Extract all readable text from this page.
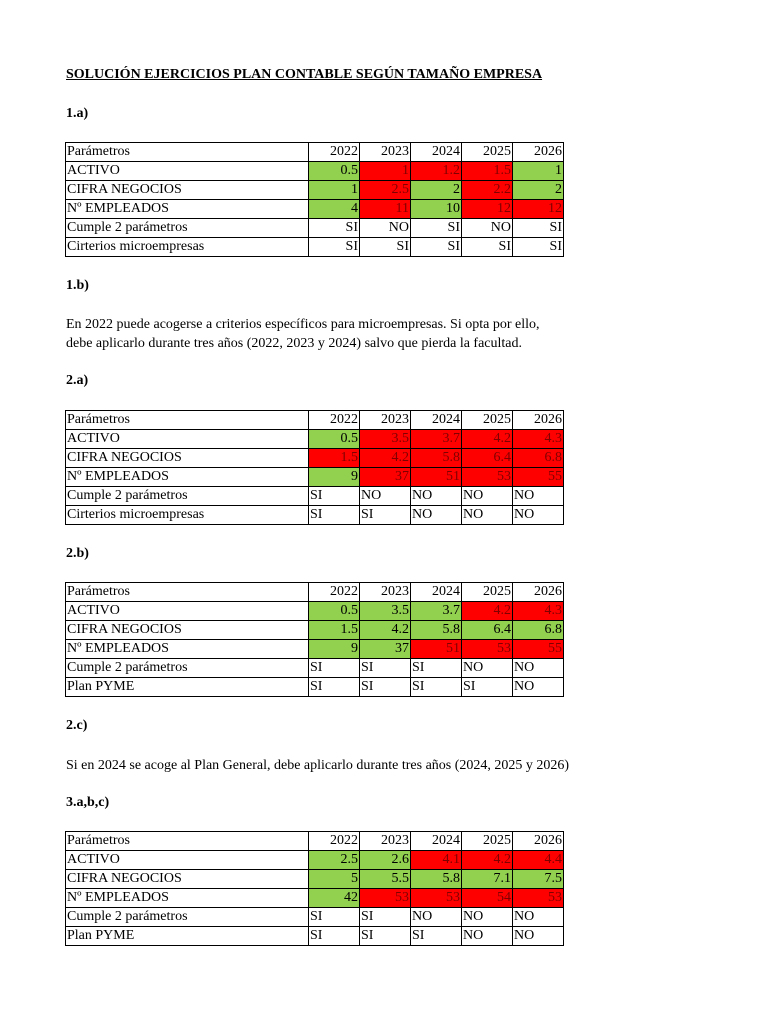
SOLUCIÓN EJERCICIOS PLAN CONTABLE SEGÚN TAMAÑO EMPRESA
1.a)
Parámetros	2022	2023	2024	2025	2026
ACTIVO	0.5	1	1.2	1.5	1
CIFRA NEGOCIOS	1	2.5	2	2.2	2
Nº EMPLEADOS	4	11	10	12	12
Cumple 2 parámetros	SI	NO	SI	NO	SI
Cirterios microempresas	SI	SI	SI	SI	SI
1.b)
En 2022 puede acogerse a criterios específicos para microempresas. Si opta por ello,
debe aplicarlo durante tres años (2022, 2023 y 2024) salvo que pierda la facultad.
2.a)
Parámetros	2022	2023	2024	2025	2026
ACTIVO	0.5	3.5	3.7	4.2	4.3
CIFRA NEGOCIOS	1.5	4.2	5.8	6.4	6.8
Nº EMPLEADOS	9	37	51	53	55
Cumple 2 parámetros	SI	NO	NO	NO	NO
Cirterios microempresas	SI	SI	NO	NO	NO
2.b)
Parámetros	2022	2023	2024	2025	2026
ACTIVO	0.5	3.5	3.7	4.2	4.3
CIFRA NEGOCIOS	1.5	4.2	5.8	6.4	6.8
Nº EMPLEADOS	9	37	51	53	55
Cumple 2 parámetros	SI	SI	SI	NO	NO
Plan PYME	SI	SI	SI	SI	NO
2.c)
Si en 2024 se acoge al Plan General, debe aplicarlo durante tres años (2024, 2025 y 2026)
3.a,b,c)
Parámetros	2022	2023	2024	2025	2026
ACTIVO	2.5	2.6	4.1	4.2	4.4
CIFRA NEGOCIOS	5	5.5	5.8	7.1	7.5
Nº EMPLEADOS	42	53	53	54	53
Cumple 2 parámetros	SI	SI	NO	NO	NO
Plan PYME	SI	SI	SI	NO	NO
